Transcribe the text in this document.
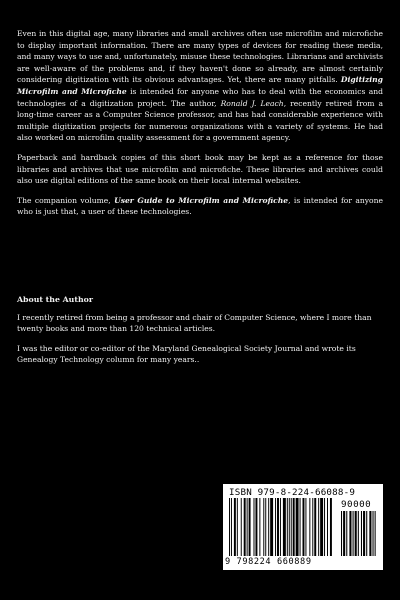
Even in this digital age, many libraries and small archives often use microfilm and microfiche to display important information. There are many types of devices for reading these media, and many ways to use and, unfortunately, misuse these technologies. Librarians and archivists are well-aware of the problems and, if they haven't done so already, are almost certainly considering digitization with its obvious advantages. Yet, there are many pitfalls. Digitizing Microfilm and Microfiche is intended for anyone who has to deal with the economics and technologies of a digitization project. The author, Ronald J. Leach, recently retired from a long-time career as a Computer Science professor, and has had considerable experience with multiple digitization projects for numerous organizations with a variety of systems. He had also worked on microfilm quality assessment for a government agency.

Paperback and hardback copies of this short book may be kept as a reference for those libraries and archives that use microfilm and microfiche. These libraries and archives could also use digital editions of the same book on their local internal websites.

The companion volume, User Guide to Microfilm and Microfiche, is intended for anyone who is just that, a user of these technologies.

About the Author

I recently retired from being a professor and chair of Computer Science, where I more than twenty books and more than 120 technical articles.

I was the editor or co-editor of the Maryland Genealogical Society Journal and wrote its Genealogy Technology column for many years..

ISBN 979-8-224-66088-9
90000
9 798224 660889
